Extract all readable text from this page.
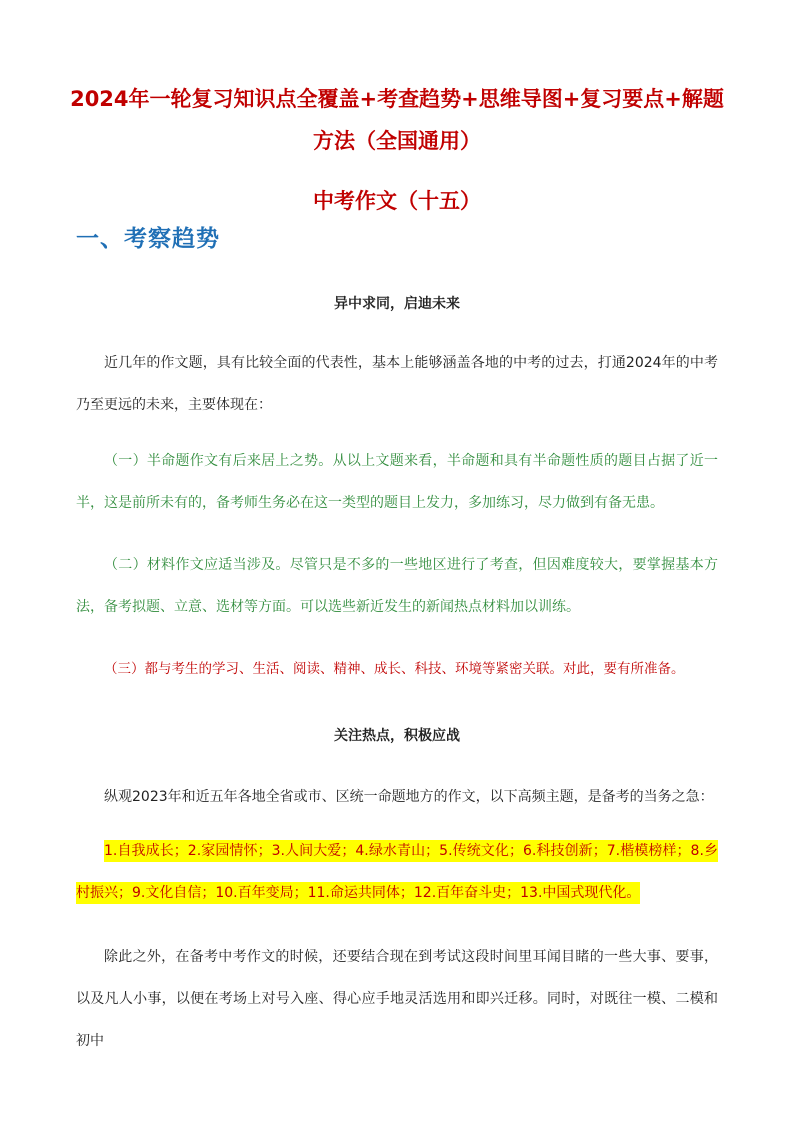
2024年一轮复习知识点全覆盖+考查趋势+思维导图+复习要点+解题
方法（全国通用）
中考作文（十五）
一、考察趋势

异中求同，启迪未来

近几年的作文题，具有比较全面的代表性，基本上能够涵盖各地的中考的过去，打通2024年的中考乃至更远的未来，主要体现在：

（一）半命题作文有后来居上之势。从以上文题来看，半命题和具有半命题性质的题目占据了近一半，这是前所未有的，备考师生务必在这一类型的题目上发力，多加练习，尽力做到有备无患。

（二）材料作文应适当涉及。尽管只是不多的一些地区进行了考查，但因难度较大，要掌握基本方法，备考拟题、立意、选材等方面。可以选些新近发生的新闻热点材料加以训练。

（三）都与考生的学习、生活、阅读、精神、成长、科技、环境等紧密关联。对此，要有所准备。

关注热点，积极应战

纵观2023年和近五年各地全省或市、区统一命题地方的作文，以下高频主题，是备考的当务之急：

1.自我成长；2.家园情怀；3.人间大爱；4.绿水青山；5.传统文化；6.科技创新；7.楷模榜样；8.乡村振兴；9.文化自信；10.百年变局；11.命运共同体；12.百年奋斗史；13.中国式现代化。

除此之外，在备考中考作文的时候，还要结合现在到考试这段时间里耳闻目睹的一些大事、要事，以及凡人小事，以便在考场上对号入座、得心应手地灵活选用和即兴迁移。同时，对既往一模、二模和初中
